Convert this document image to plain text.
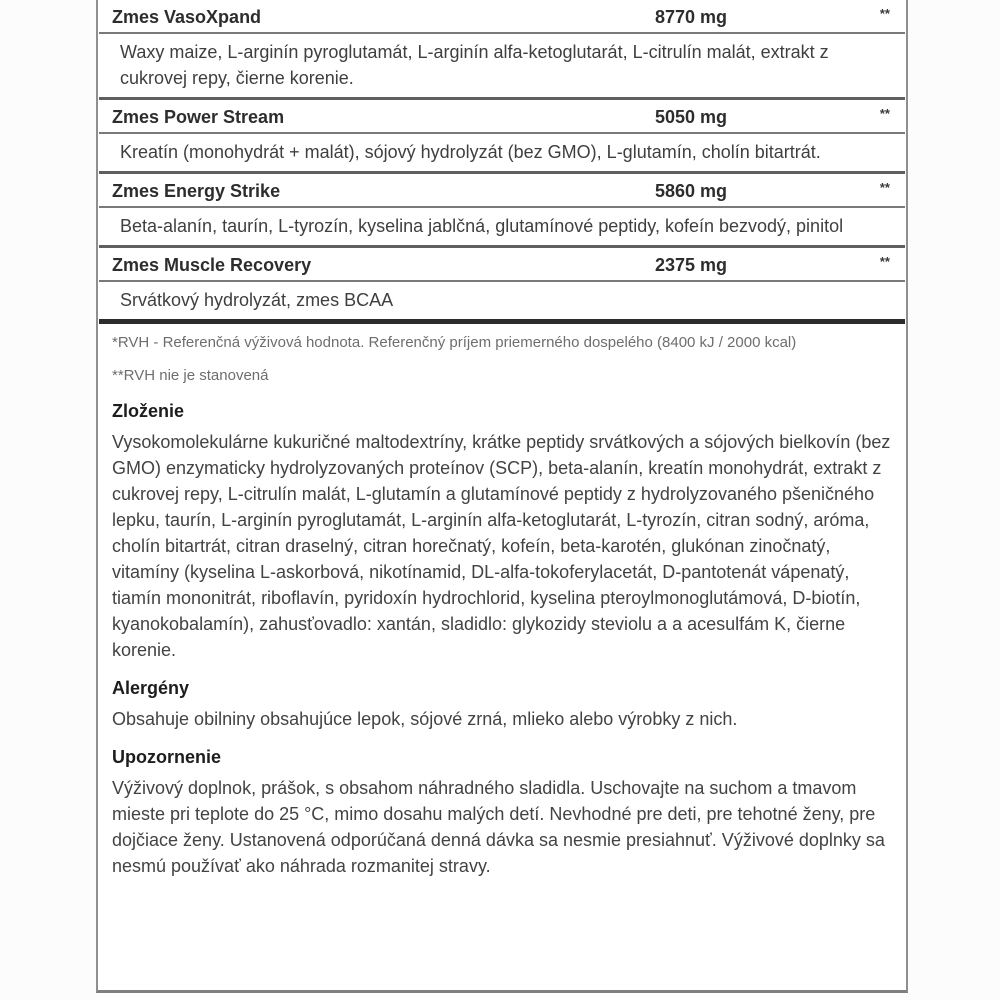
Zmes VasoXpand	8770 mg	**
Waxy maize, L-arginín pyroglutamát, L-arginín alfa-ketoglutarát, L-citrulín malát, extrakt z cukrovej repy, čierne korenie.
Zmes Power Stream	5050 mg	**
Kreatín (monohydrát + malát), sójový hydrolyzát (bez GMO), L-glutamín, cholín bitartrát.
Zmes Energy Strike	5860 mg	**
Beta-alanín, taurín, L-tyrozín, kyselina jablčná, glutamínové peptidy, kofeín bezvodý, pinitol
Zmes Muscle Recovery	2375 mg	**
Srvátkový hydrolyzát, zmes BCAA
*RVH - Referenčná výživová hodnota. Referenčný príjem priemerného dospelého (8400 kJ / 2000 kcal)
**RVH nie je stanovená
Zloženie
Vysokomolekulárne kukuričné maltodextríny, krátke peptidy srvátkových a sójových bielkovín (bez GMO) enzymaticky hydrolyzovaných proteínov (SCP), beta-alanín, kreatín monohydrát, extrakt z cukrovej repy, L-citrulín malát, L-glutamín a glutamínové peptidy z hydrolyzovaného pšeničného lepku, taurín, L-arginín pyroglutamát, L-arginín alfa-ketoglutarát, L-tyrozín, citran sodný, aróma, cholín bitartrát, citran draselný, citran horečnatý, kofeín, beta-karotén, glukónan zinočnatý, vitamíny (kyselina L-askorbová, nikotínamid, DL-alfa-tokoferylacetát, D-pantotenát vápenatý, tiamín mononitrát, riboflavín, pyridoxín hydrochlorid, kyselina pteroylmonoglutámová, D-biotín, kyanokobalamín), zahusťovadlo: xantán, sladidlo: glykozidy steviolu a a acesulfám K, čierne korenie.
Alergény
Obsahuje obilniny obsahujúce lepok, sójové zrná, mlieko alebo výrobky z nich.
Upozornenie
Výživový doplnok, prášok, s obsahom náhradného sladidla. Uschovajte na suchom a tmavom mieste pri teplote do 25 °C, mimo dosahu malých detí. Nevhodné pre deti, pre tehotné ženy, pre dojčiace ženy. Ustanovená odporúčaná denná dávka sa nesmie presiahnuť. Výživové doplnky sa nesmú používať ako náhrada rozmanitej stravy.
